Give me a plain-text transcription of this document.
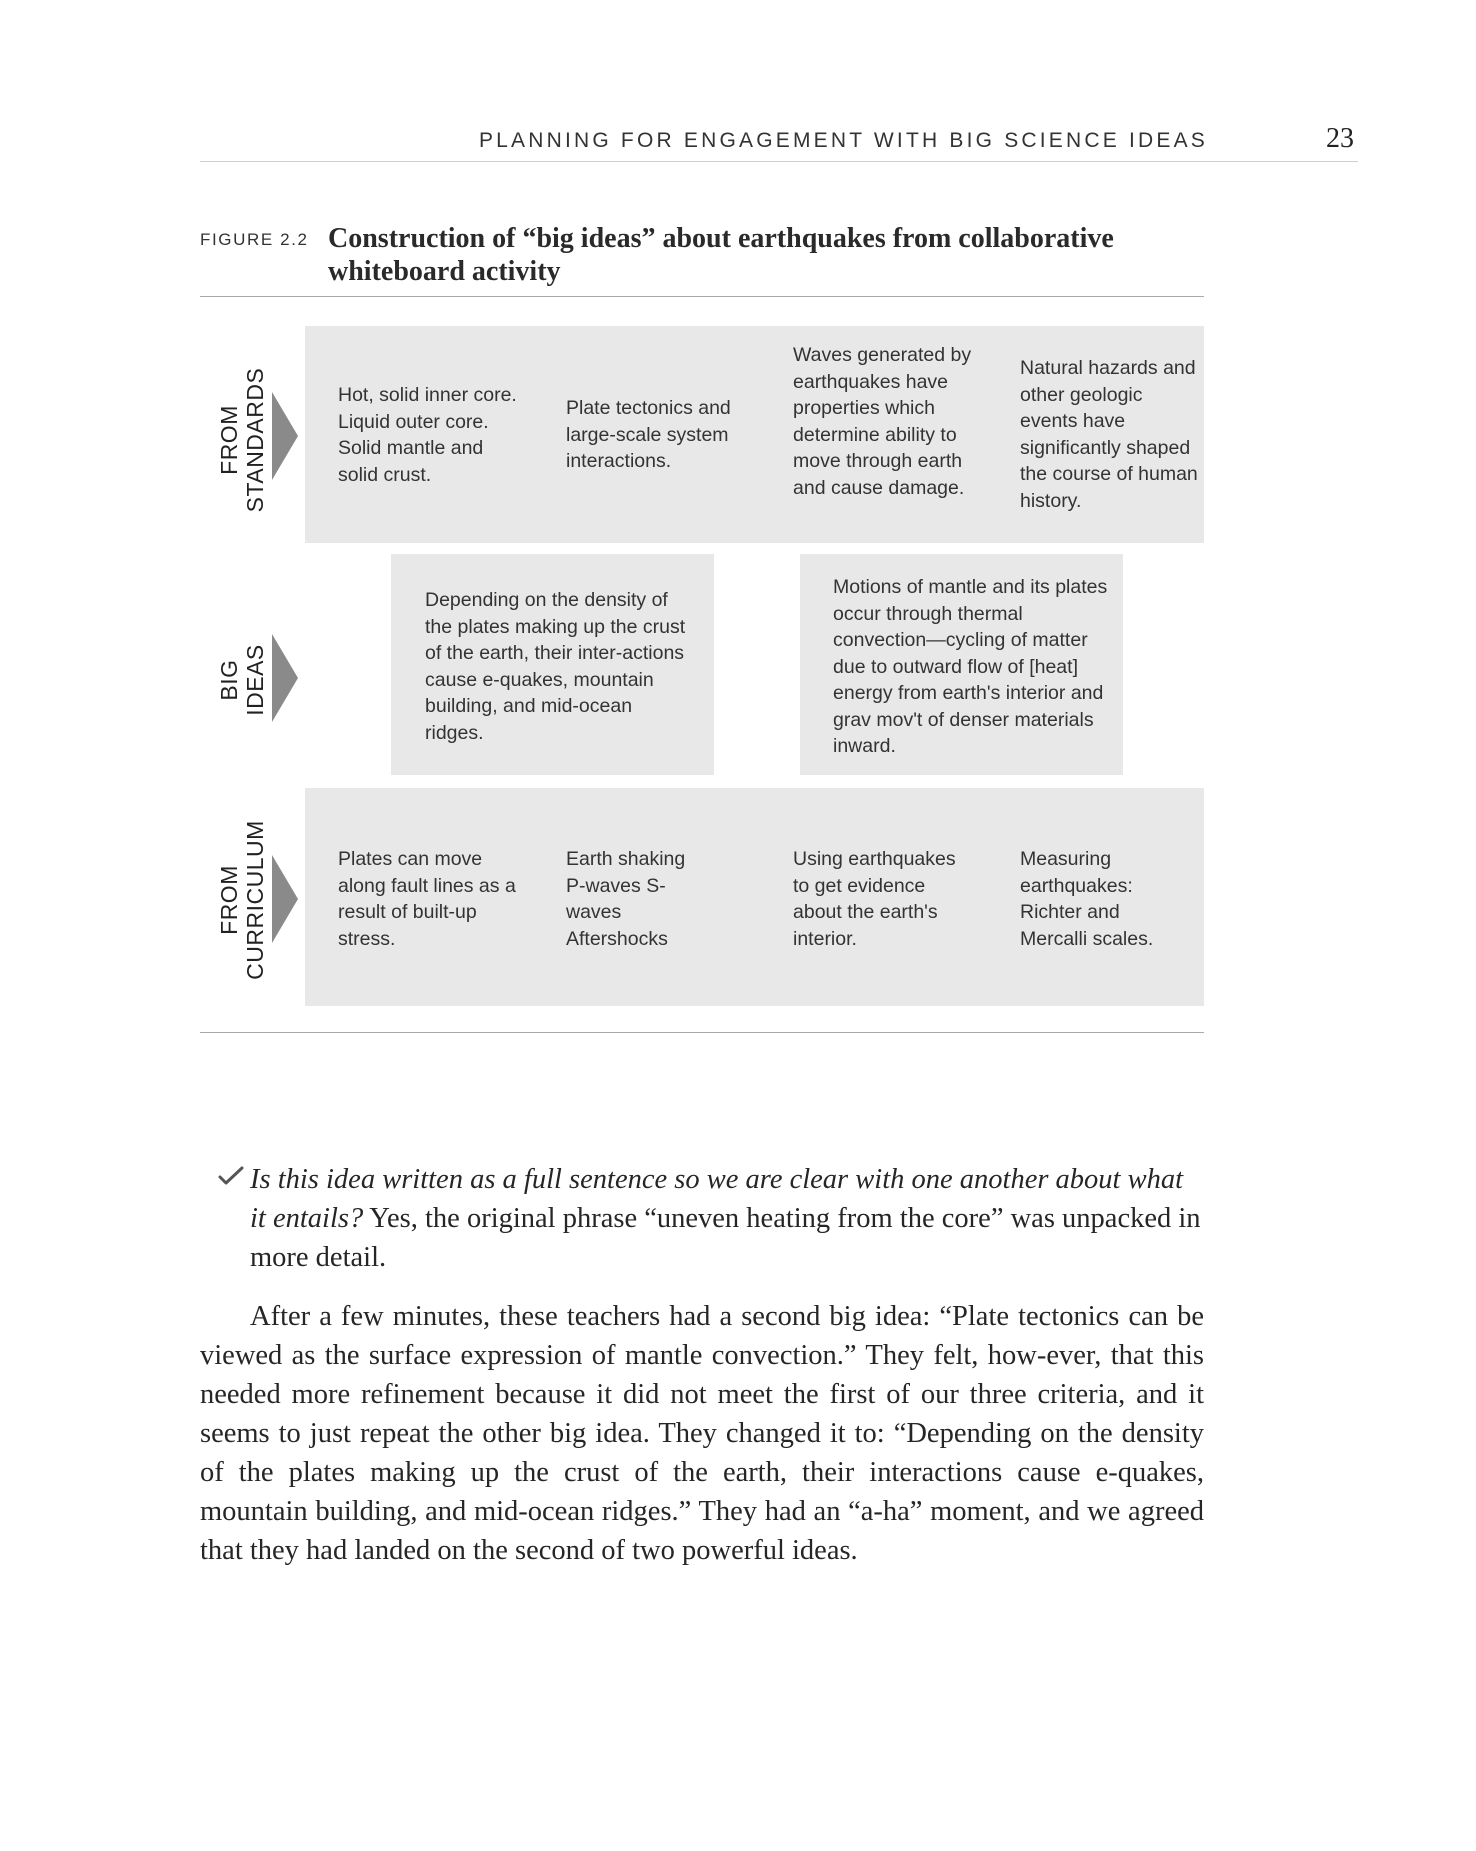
PLANNING FOR ENGAGEMENT WITH BIG SCIENCE IDEAS	23
FIGURE 2.2 Construction of “big ideas” about earthquakes from collaborative whiteboard activity
FROM STANDARDS	Hot, solid inner core. Liquid outer core. Solid mantle and solid crust.
Plate tectonics and large-scale system interactions.
Waves generated by earthquakes have properties which determine ability to move through earth and cause damage.
Natural hazards and other geologic events have significantly shaped the course of human history.
BIG IDEAS
Depending on the density of the plates making up the crust of the earth, their inter-actions cause e-quakes, mountain building, and mid-ocean ridges.
Motions of mantle and its plates occur through thermal convection—cycling of matter due to outward flow of [heat] energy from earth's interior and grav mov't of denser materials inward.
FROM CURRICULUM	Plates can move along fault lines as a result of built-up stress.
Earth shaking P-waves S-waves Aftershocks
Using earthquakes to get evidence about the earth's interior.
Measuring earthquakes: Richter and Mercalli scales.
Is this idea written as a full sentence so we are clear with one another about what it entails? Yes, the original phrase “uneven heating from the core” was unpacked in more detail.
After a few minutes, these teachers had a second big idea: “Plate tectonics can be viewed as the surface expression of mantle convection.” They felt, how-ever, that this needed more refinement because it did not meet the first of our three criteria, and it seems to just repeat the other big idea. They changed it to: “Depending on the density of the plates making up the crust of the earth, their interactions cause e-quakes, mountain building, and mid-ocean ridges.” They had an “a-ha” moment, and we agreed that they had landed on the second of two powerful ideas.
